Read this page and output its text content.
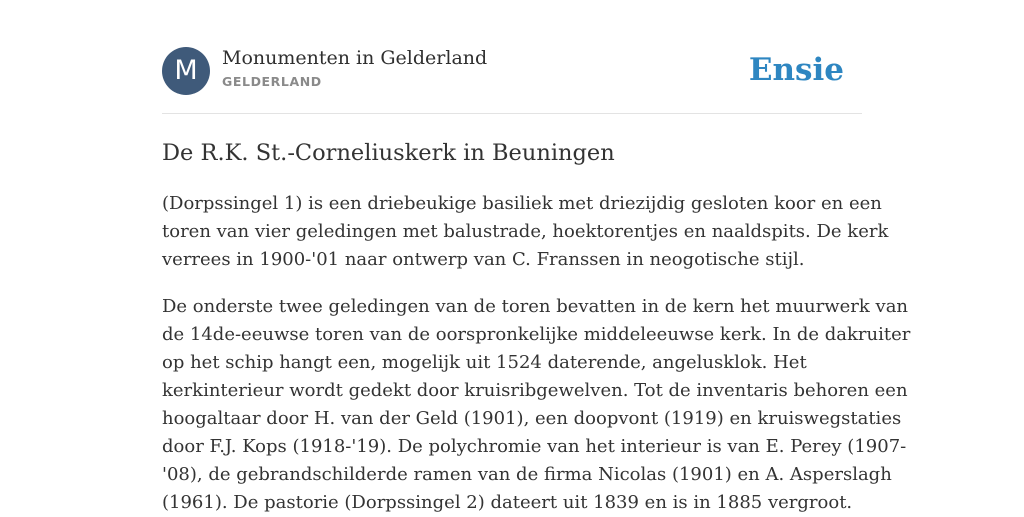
M	Monumenten in Gelderland
GELDERLAND	Ensie
De R.K. St.-Corneliuskerk in Beuningen

(Dorpssingel 1) is een driebeukige basiliek met driezijdig gesloten koor en een
toren van vier geledingen met balustrade, hoektorentjes en naaldspits. De kerk
verrees in 1900-'01 naar ontwerp van C. Franssen in neogotische stijl.

De onderste twee geledingen van de toren bevatten in de kern het muurwerk van
de 14de-eeuwse toren van de oorspronkelijke middeleeuwse kerk. In de dakruiter
op het schip hangt een, mogelijk uit 1524 daterende, angelusklok. Het
kerkinterieur wordt gedekt door kruisribgewelven. Tot de inventaris behoren een
hoogaltaar door H. van der Geld (1901), een doopvont (1919) en kruiswegstaties
door F.J. Kops (1918-'19). De polychromie van het interieur is van E. Perey (1907-
'08), de gebrandschilderde ramen van de firma Nicolas (1901) en A. Asperslagh
(1961). De pastorie (Dorpssingel 2) dateert uit 1839 en is in 1885 vergroot.
